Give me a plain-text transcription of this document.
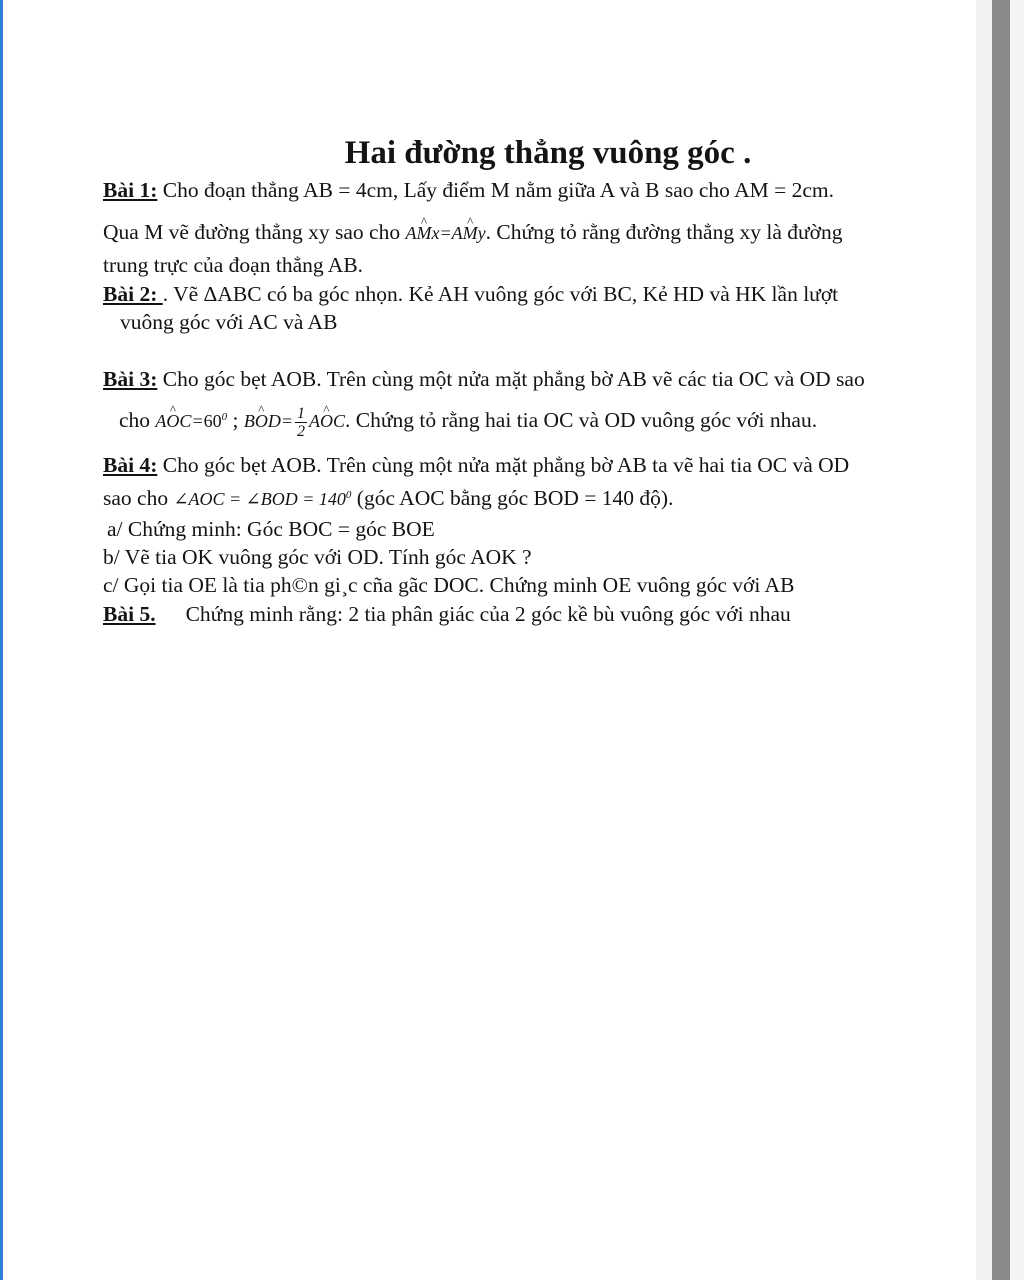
Hai đường thẳng vuông góc .

Bài 1: Cho đoạn thẳng AB = 4cm, Lấy điểm M nằm giữa A và B sao cho AM = 2cm.

Qua M vẽ đường thẳng xy sao cho A^ Mx=A^ My. Chứng tỏ rằng đường thẳng xy là đường

trung trực của đoạn thẳng AB.

Bài 2: . Vẽ ΔABC có ba góc nhọn. Kẻ AH vuông góc với BC, Kẻ HD và HK lần lượt

vuông góc với AC và AB

Bài 3: Cho góc bẹt AOB. Trên cùng một nửa mặt phẳng bờ AB vẽ các tia OC và OD sao

cho A^ $OC=60^0$ ; B^ $OD= \frac{1}{2}$ A^ OC. Chứng tỏ rằng hai tia OC và OD vuông góc với nhau.

Bài 4: Cho góc bẹt AOB. Trên cùng một nửa mặt phẳng bờ AB ta vẽ hai tia OC và OD

sao cho ∠AOC = ∠BOD = $140^0$ (góc AOC bằng góc BOD = 140 độ).

a/ Chứng minh: Góc BOC = góc BOE

b/ Vẽ tia OK vuông góc với OD. Tính góc AOK ?

c/ Gọi tia OE là tia ph©n gi¸c cña gãc DOC. Chứng minh OE vuông góc với AB

Bài 5. Chứng minh rằng: 2 tia phân giác của 2 góc kề bù vuông góc với nhau
